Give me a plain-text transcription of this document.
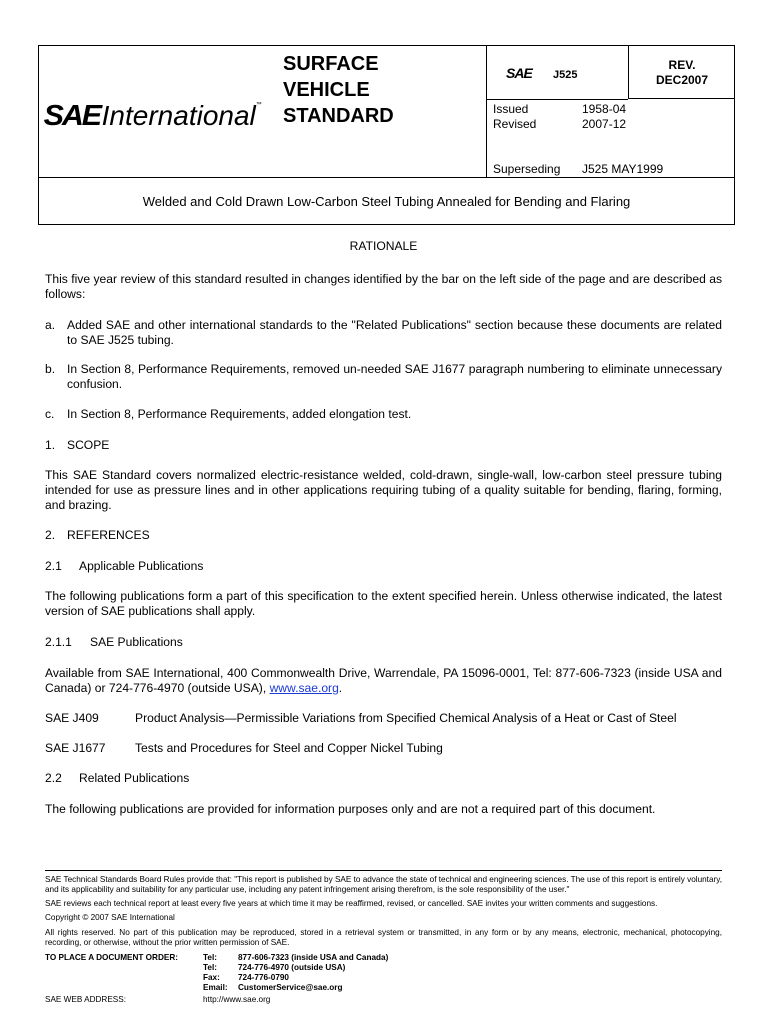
SAEInternational™
SURFACE
VEHICLE
STANDARD
SAE J525
Issued	1958-04
Revised	2007-12
Superseding J525 MAY1999
REV.
DEC2007
Welded and Cold Drawn Low-Carbon Steel Tubing Annealed for Bending and Flaring
RATIONALE
This five year review of this standard resulted in changes identified by the bar on the left side of the page and are described as follows:
a. Added SAE and other international standards to the "Related Publications" section because these documents are related to SAE J525 tubing.
b. In Section 8, Performance Requirements, removed un-needed SAE J1677 paragraph numbering to eliminate unnecessary confusion.
c. In Section 8, Performance Requirements, added elongation test.
1. SCOPE
This SAE Standard covers normalized electric-resistance welded, cold-drawn, single-wall, low-carbon steel pressure tubing intended for use as pressure lines and in other applications requiring tubing of a quality suitable for bending, flaring, forming, and brazing.
2. REFERENCES
2.1 Applicable Publications
The following publications form a part of this specification to the extent specified herein. Unless otherwise indicated, the latest version of SAE publications shall apply.
2.1.1 SAE Publications
Available from SAE International, 400 Commonwealth Drive, Warrendale, PA 15096-0001, Tel: 877-606-7323 (inside USA and Canada) or 724-776-4970 (outside USA), www.sae.org.
SAE J409	Product Analysis—Permissible Variations from Specified Chemical Analysis of a Heat or Cast of Steel
SAE J1677 Tests and Procedures for Steel and Copper Nickel Tubing
2.2 Related Publications
The following publications are provided for information purposes only and are not a required part of this document.
SAE Technical Standards Board Rules provide that: "This report is published by SAE to advance the state of technical and engineering sciences. The use of this report is entirely voluntary, and its applicability and suitability for any particular use, including any patent infringement arising therefrom, is the sole responsibility of the user."
SAE reviews each technical report at least every five years at which time it may be reaffirmed, revised, or cancelled. SAE invites your written comments and suggestions.
Copyright © 2007 SAE International
All rights reserved. No part of this publication may be reproduced, stored in a retrieval system or transmitted, in any form or by any means, electronic, mechanical, photocopying, recording, or otherwise, without the prior written permission of SAE.
TO PLACE A DOCUMENT ORDER:	Tel:	877-606-7323 (inside USA and Canada)
Tel:	724-776-4970 (outside USA)
Fax: 724-776-0790
Email: CustomerService@sae.org
SAE WEB ADDRESS:	http://www.sae.org
